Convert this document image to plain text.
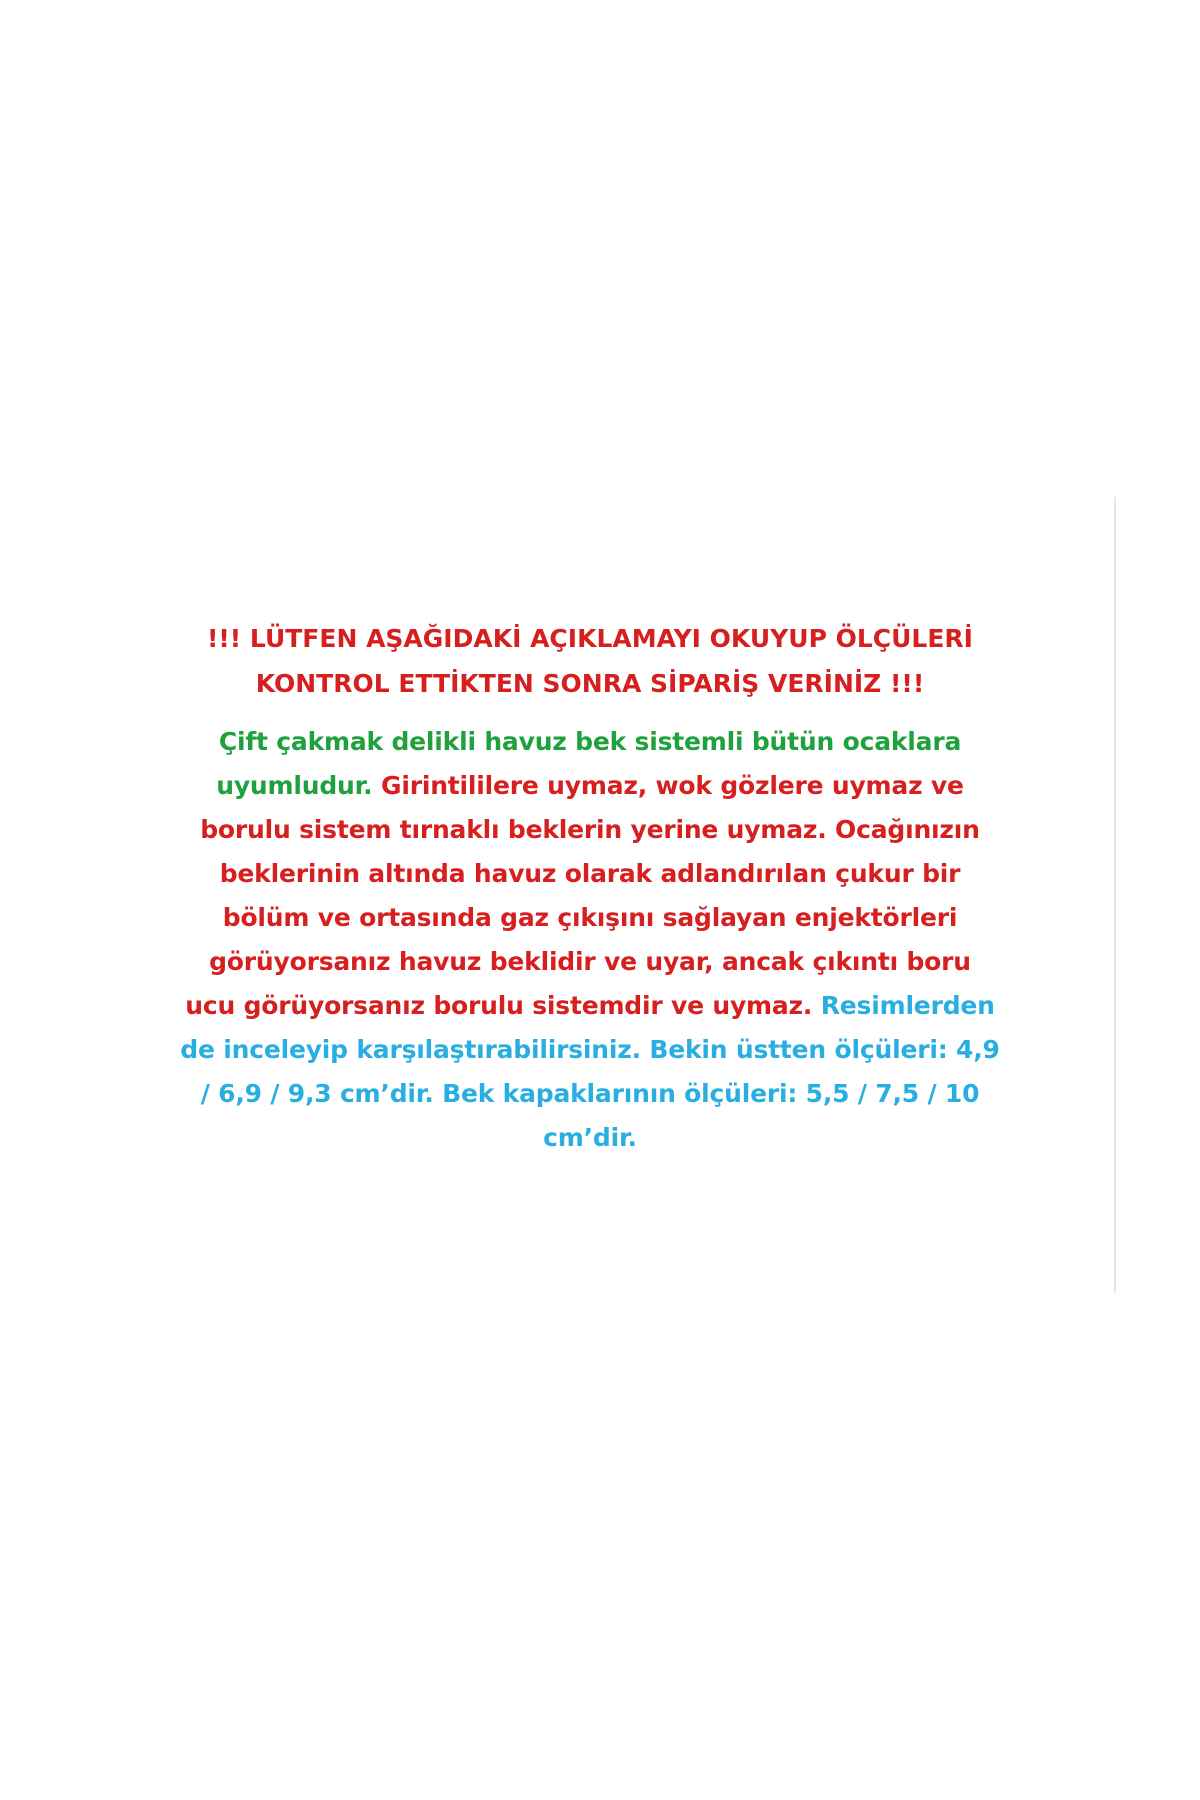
!!! LÜTFEN AŞAĞIDAKİ AÇIKLAMAYI OKUYUP ÖLÇÜLERİ KONTROL ETTİKTEN SONRA SİPARİŞ VERİNİZ !!!
Çift çakmak delikli havuz bek sistemli bütün ocaklara uyumludur. Girintililere uymaz, wok gözlere uymaz ve borulu sistem tırnaklı beklerin yerine uymaz. Ocağınızın beklerinin altında havuz olarak adlandırılan çukur bir bölüm ve ortasında gaz çıkışını sağlayan enjektörleri görüyorsanız havuz beklidir ve uyar, ancak çıkıntı boru ucu görüyorsanız borulu sistemdir ve uymaz. Resimlerden de inceleyip karşılaştırabilirsiniz. Bekin üstten ölçüleri: 4,9 / 6,9 / 9,3 cm’dir. Bek kapaklarının ölçüleri: 5,5 / 7,5 / 10 cm’dir.
